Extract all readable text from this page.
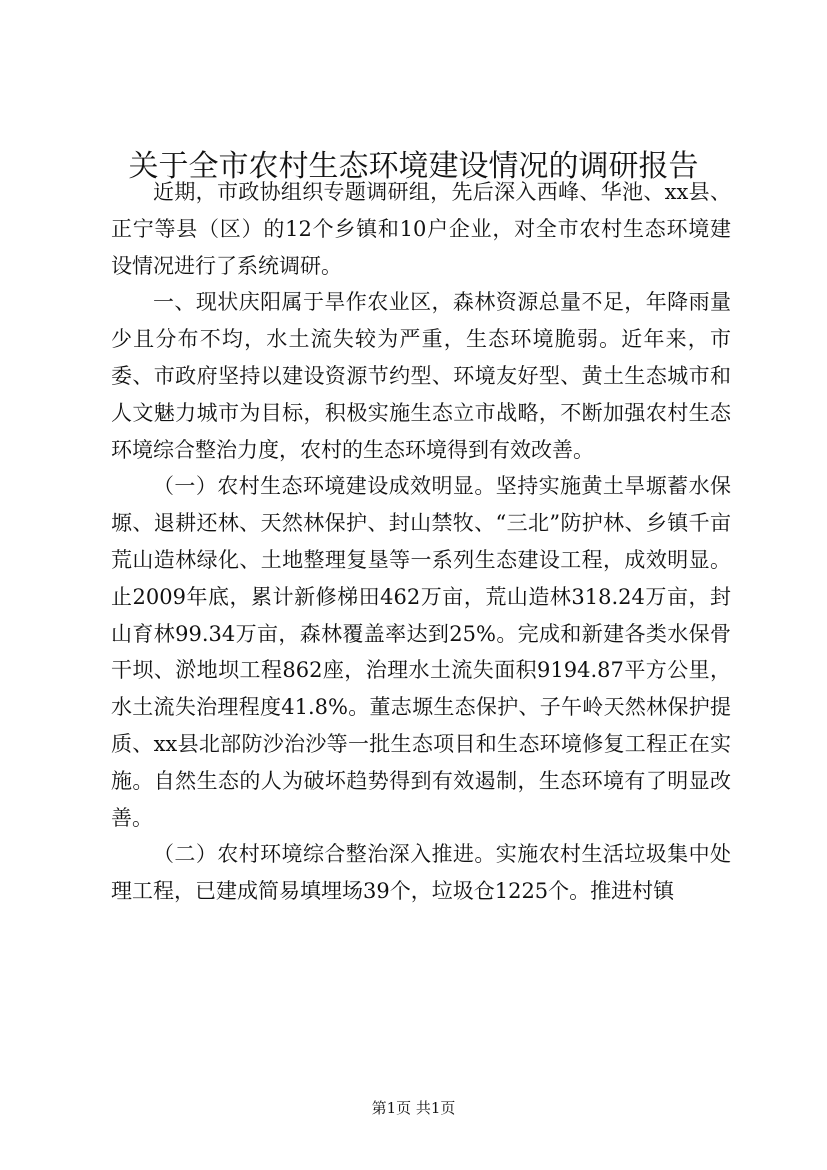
关于全市农村生态环境建设情况的调研报告

近期，市政协组织专题调研组，先后深入西峰、华池、xx县、正宁等县（区）的12个乡镇和10户企业，对全市农村生态环境建设情况进行了系统调研。

一、现状庆阳属于旱作农业区，森林资源总量不足，年降雨量少且分布不均，水土流失较为严重，生态环境脆弱。近年来，市委、市政府坚持以建设资源节约型、环境友好型、黄土生态城市和人文魅力城市为目标，积极实施生态立市战略，不断加强农村生态环境综合整治力度，农村的生态环境得到有效改善。

（一）农村生态环境建设成效明显。坚持实施黄土旱塬蓄水保塬、退耕还林、天然林保护、封山禁牧、“三北”防护林、乡镇千亩荒山造林绿化、土地整理复垦等一系列生态建设工程，成效明显。止2009年底，累计新修梯田462万亩，荒山造林318.24万亩，封山育林99.34万亩，森林覆盖率达到25%。完成和新建各类水保骨干坝、淤地坝工程862座，治理水土流失面积9194.87平方公里，水土流失治理程度41.8%。董志塬生态保护、子午岭天然林保护提质、xx县北部防沙治沙等一批生态项目和生态环境修复工程正在实施。自然生态的人为破坏趋势得到有效遏制，生态环境有了明显改善。

（二）农村环境综合整治深入推进。实施农村生活垃圾集中处理工程，已建成简易填埋场39个，垃圾仓1225个。推进村镇

第1页 共1页
